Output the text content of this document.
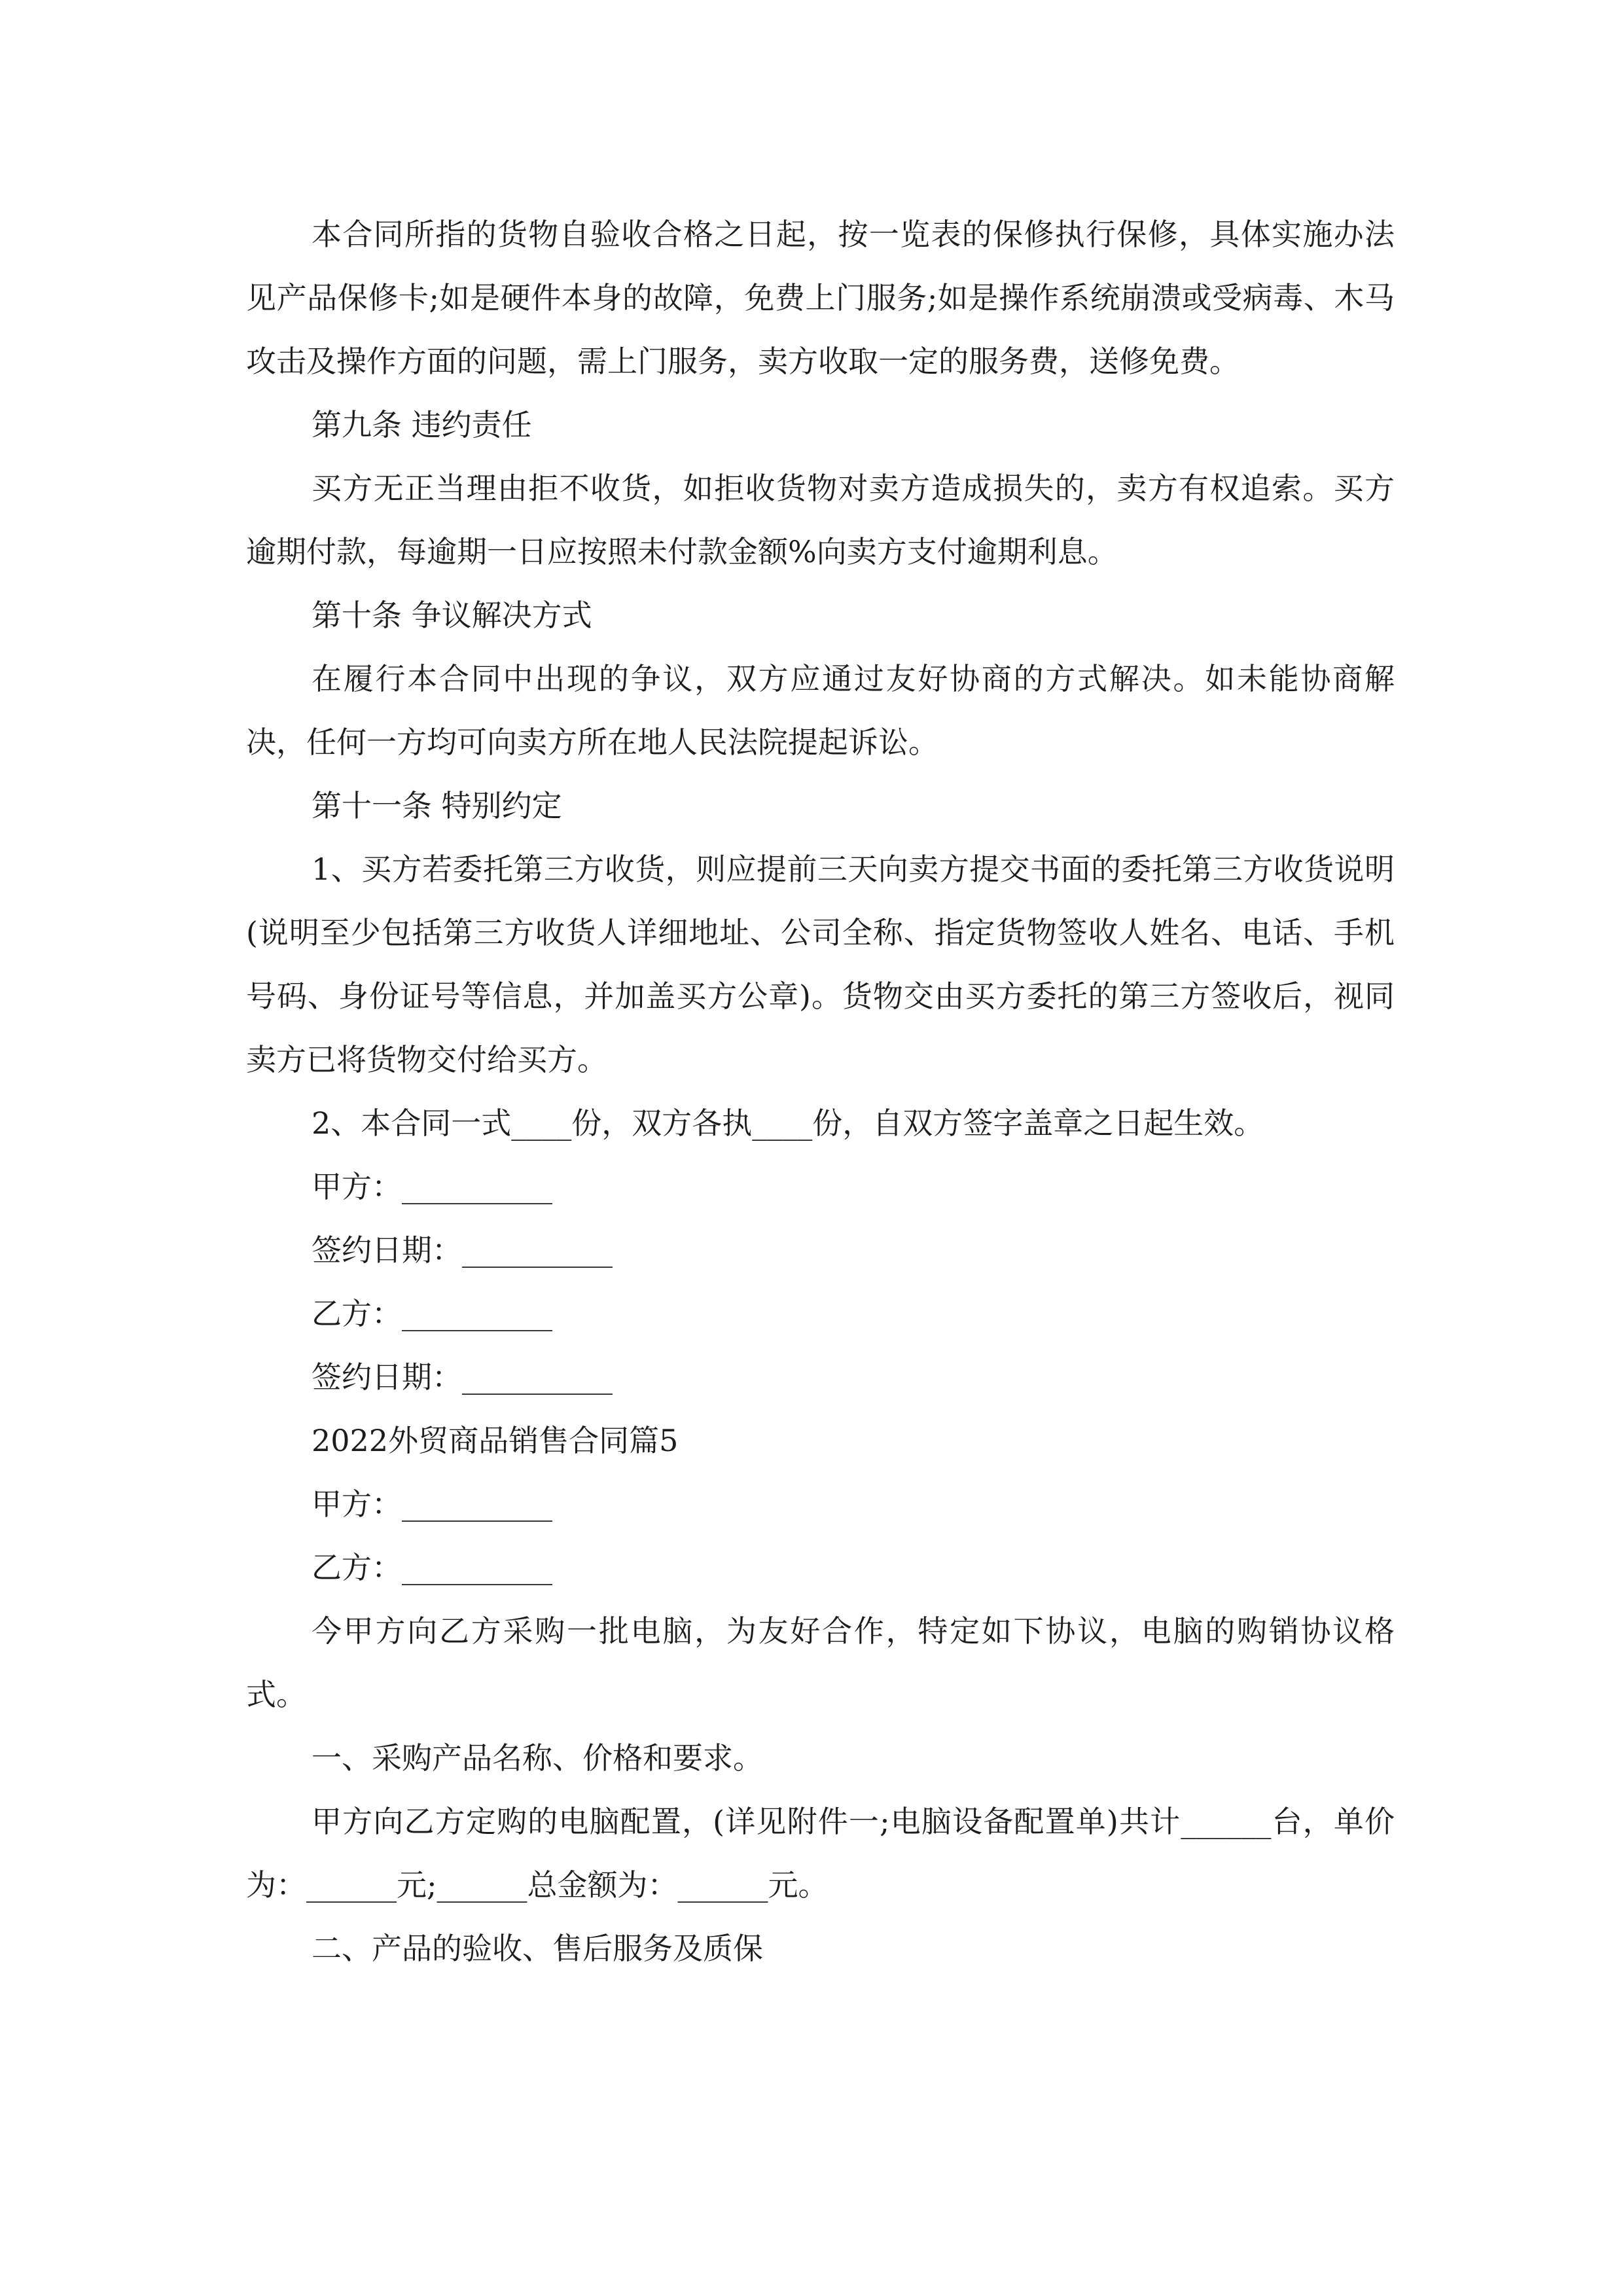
本合同所指的货物自验收合格之日起，按一览表的保修执行保修，具体实施办法见产品保修卡;如是硬件本身的故障，免费上门服务;如是操作系统崩溃或受病毒、木马攻击及操作方面的问题，需上门服务，卖方收取一定的服务费，送修免费。

第九条 违约责任

买方无正当理由拒不收货，如拒收货物对卖方造成损失的，卖方有权追索。买方逾期付款，每逾期一日应按照未付款金额%向卖方支付逾期利息。

第十条 争议解决方式

在履行本合同中出现的争议，双方应通过友好协商的方式解决。如未能协商解决，任何一方均可向卖方所在地人民法院提起诉讼。

第十一条 特别约定

1、买方若委托第三方收货，则应提前三天向卖方提交书面的委托第三方收货说明(说明至少包括第三方收货人详细地址、公司全称、指定货物签收人姓名、电话、手机号码、身份证号等信息，并加盖买方公章)。货物交由买方委托的第三方签收后，视同卖方已将货物交付给买方。

2、本合同一式____份，双方各执____份，自双方签字盖章之日起生效。

甲方：__________

签约日期：__________

乙方：__________

签约日期：__________

2022外贸商品销售合同篇5

甲方：__________

乙方：__________

今甲方向乙方采购一批电脑，为友好合作，特定如下协议，电脑的购销协议格式。

一、采购产品名称、价格和要求。

甲方向乙方定购的电脑配置，(详见附件一;电脑设备配置单)共计______台，单价为：______元;______总金额为：______元。

二、产品的验收、售后服务及质保
